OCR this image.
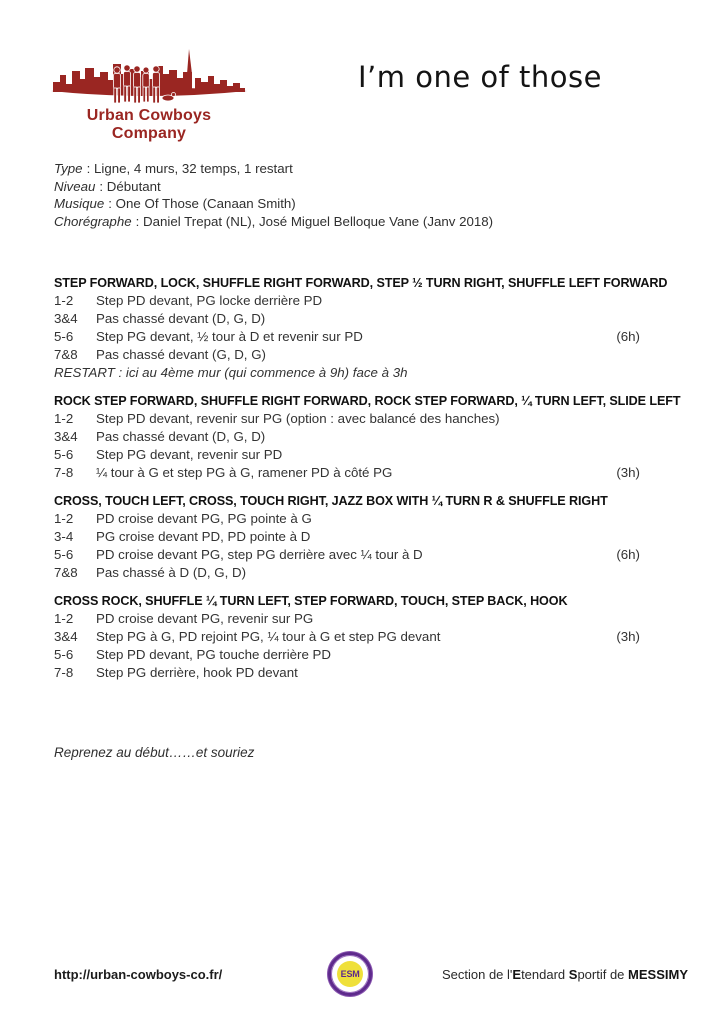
Urban Cowboys Company
I’m one of those
Type : Ligne, 4 murs, 32 temps, 1 restart
Niveau : Débutant
Musique : One Of Those (Canaan Smith)
Chorégraphe : Daniel Trepat (NL), José Miguel Belloque Vane (Janv 2018)
STEP FORWARD, LOCK, SHUFFLE RIGHT FORWARD, STEP ½ TURN RIGHT, SHUFFLE LEFT FORWARD
1-2	Step PD devant, PG locke derrière PD
3&4	Pas chassé devant (D, G, D)
5-6	Step PG devant, ½ tour à D et revenir sur PD	(6h)
7&8	Pas chassé devant (G, D, G)
RESTART : ici au 4ème mur (qui commence à 9h) face à 3h
ROCK STEP FORWARD, SHUFFLE RIGHT FORWARD, ROCK STEP FORWARD, ¼ TURN LEFT, SLIDE LEFT
1-2	Step PD devant, revenir sur PG (option : avec balancé des hanches)
3&4	Pas chassé devant (D, G, D)
5-6	Step PG devant, revenir sur PD
7-8	¼ tour à G et step PG à G, ramener PD à côté PG	(3h)
CROSS, TOUCH LEFT, CROSS, TOUCH RIGHT, JAZZ BOX WITH ¼ TURN R & SHUFFLE RIGHT
1-2	PD croise devant PG, PG pointe à G
3-4	PG croise devant PD, PD pointe à D
5-6	PD croise devant PG, step PG derrière avec ¼ tour à D	(6h)
7&8	Pas chassé à D (D, G, D)
CROSS ROCK, SHUFFLE ¼ TURN LEFT, STEP FORWARD, TOUCH, STEP BACK, HOOK
1-2	PD croise devant PG, revenir sur PG
3&4	Step PG à G, PD rejoint PG, ¼ tour à G et step PG devant	(3h)
5-6	Step PD devant, PG touche derrière PD
7-8	Step PG derrière, hook PD devant
Reprenez au début……et souriez
http://urban-cowboys-co.fr/	ESM	Section de l'Etendard Sportif de MESSIMY
